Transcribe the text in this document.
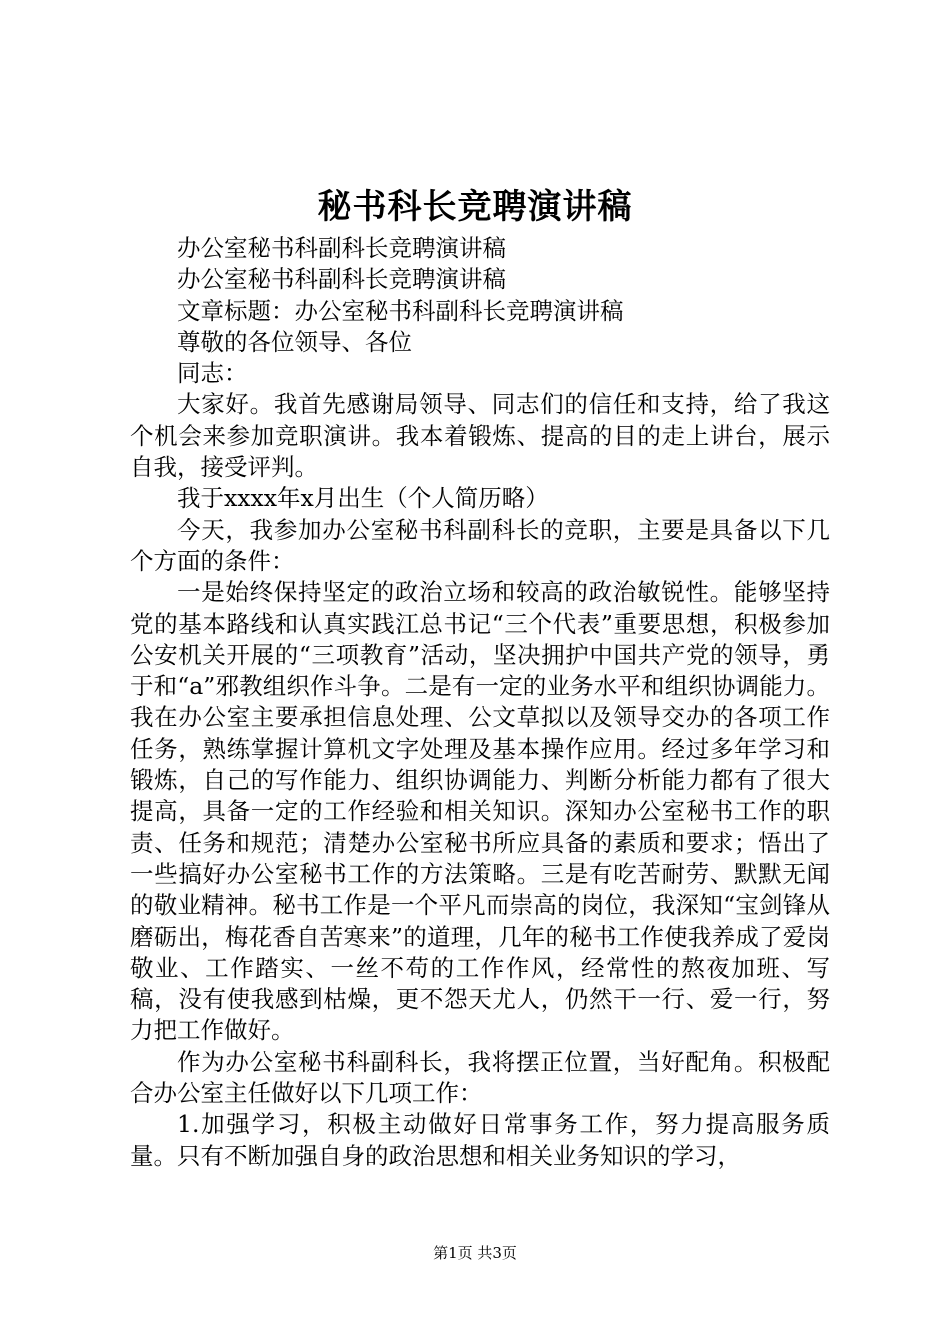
秘书科长竞聘演讲稿

办公室秘书科副科长竞聘演讲稿

办公室秘书科副科长竞聘演讲稿

文章标题：办公室秘书科副科长竞聘演讲稿

尊敬的各位领导、各位

同志：

大家好。我首先感谢局领导、同志们的信任和支持，给了我这个机会来参加竞职演讲。我本着锻炼、提高的目的走上讲台，展示自我，接受评判。

我于xxxx年x月出生（个人简历略）

今天，我参加办公室秘书科副科长的竞职，主要是具备以下几个方面的条件：

一是始终保持坚定的政治立场和较高的政治敏锐性。能够坚持党的基本路线和认真实践江总书记“三个代表”重要思想，积极参加公安机关开展的“三项教育”活动，坚决拥护中国共产党的领导，勇于和“a”邪教组织作斗争。二是有一定的业务水平和组织协调能力。我在办公室主要承担信息处理、公文草拟以及领导交办的各项工作任务，熟练掌握计算机文字处理及基本操作应用。经过多年学习和锻炼，自己的写作能力、组织协调能力、判断分析能力都有了很大提高，具备一定的工作经验和相关知识。深知办公室秘书工作的职责、任务和规范；清楚办公室秘书所应具备的素质和要求；悟出了一些搞好办公室秘书工作的方法策略。三是有吃苦耐劳、默默无闻的敬业精神。秘书工作是一个平凡而崇高的岗位，我深知“宝剑锋从磨砺出，梅花香自苦寒来”的道理，几年的秘书工作使我养成了爱岗敬业、工作踏实、一丝不苟的工作作风，经常性的熬夜加班、写稿，没有使我感到枯燥，更不怨天尤人，仍然干一行、爱一行，努力把工作做好。

作为办公室秘书科副科长，我将摆正位置，当好配角。积极配合办公室主任做好以下几项工作：

1.加强学习，积极主动做好日常事务工作，努力提高服务质量。只有不断加强自身的政治思想和相关业务知识的学习，

第1页 共3页
